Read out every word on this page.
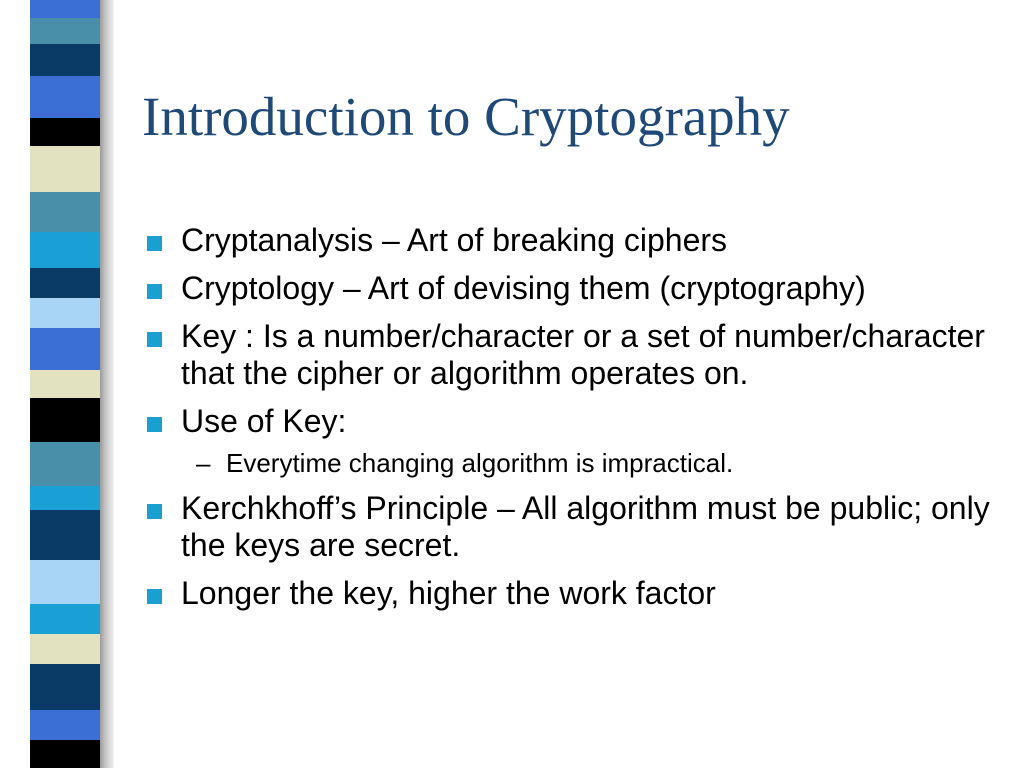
Introduction to Cryptography
Cryptanalysis – Art of breaking ciphers
Cryptology – Art of devising them (cryptography)
Key : Is a number/character or a set of number/character that the cipher or algorithm operates on.
Use of Key:
– Everytime changing algorithm is impractical.
Kerchkhoff’s Principle – All algorithm must be public; only the keys are secret.
Longer the key, higher the work factor
